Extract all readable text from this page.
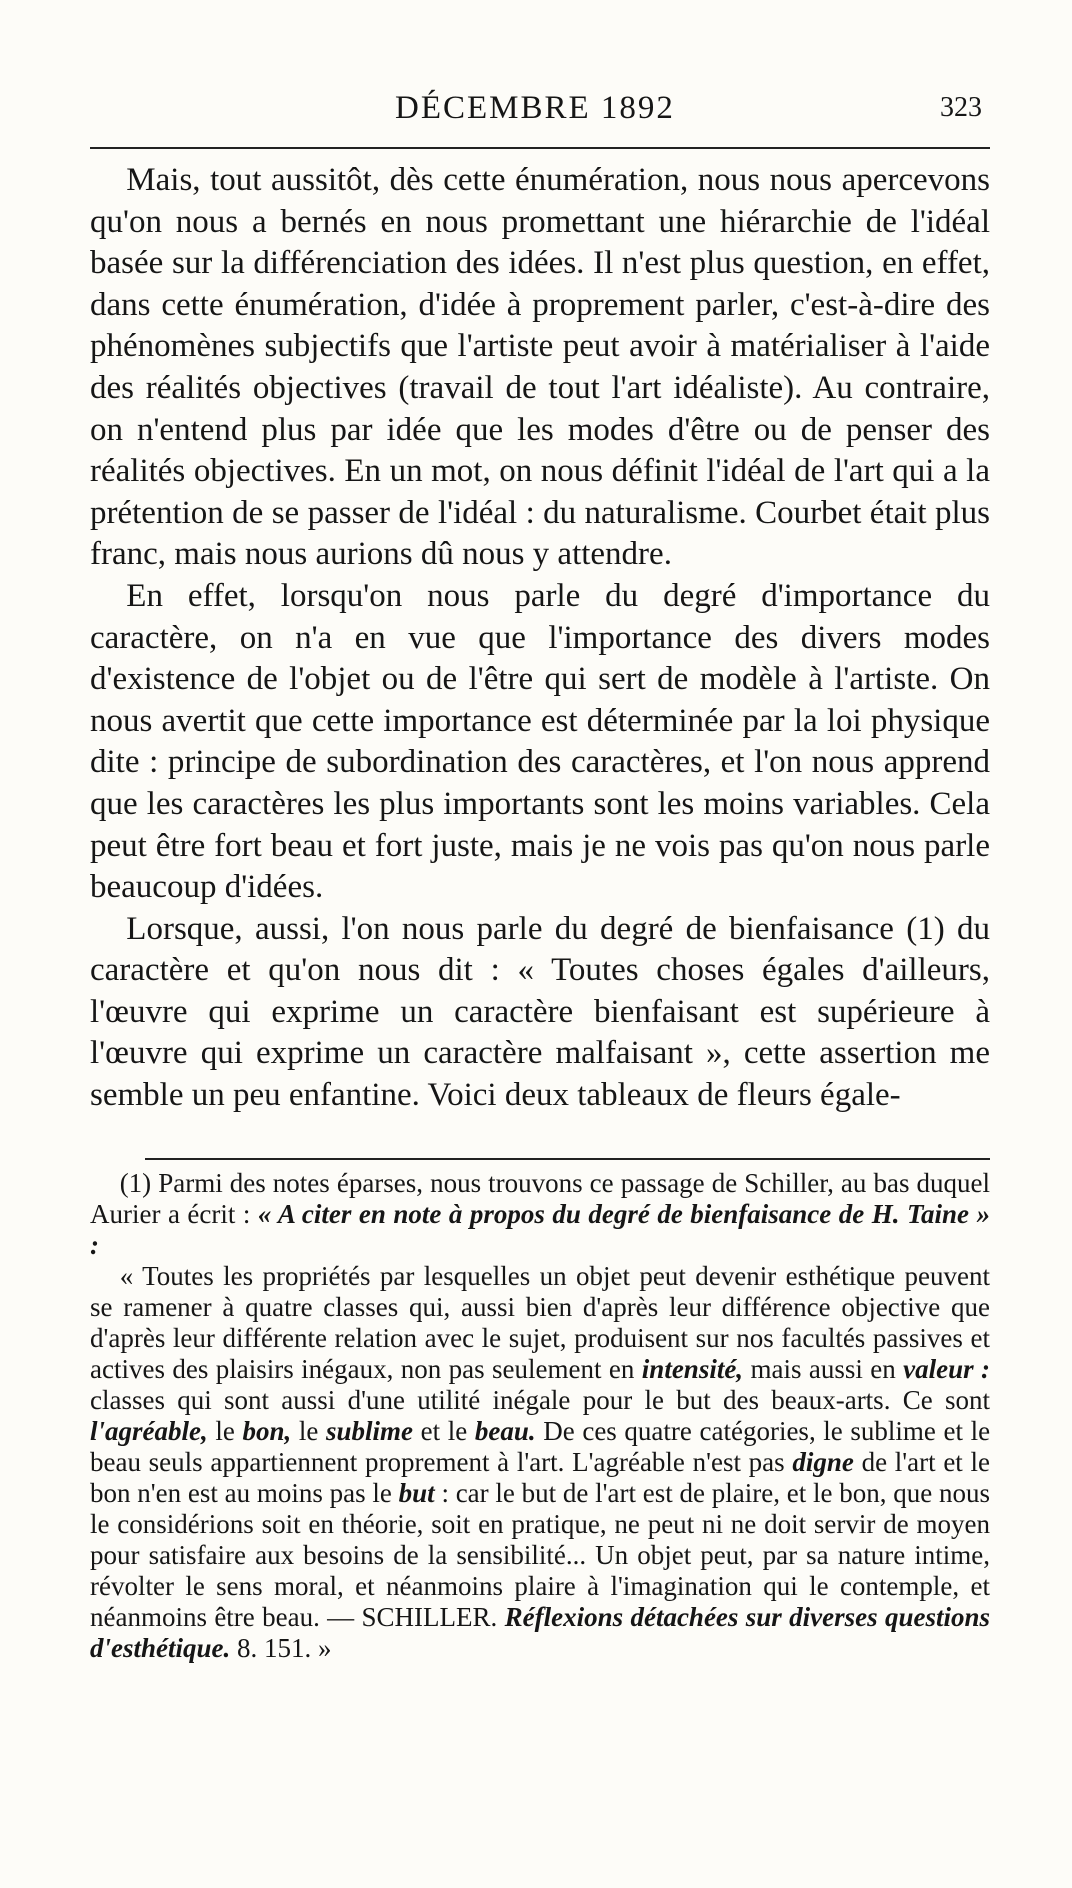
DÉCEMBRE 1892	323

Mais, tout aussitôt, dès cette énumération, nous nous apercevons qu'on nous a bernés en nous promettant une hiérarchie de l'idéal basée sur la différenciation des idées. Il n'est plus question, en effet, dans cette énumération, d'idée à proprement parler, c'est-à-dire des phénomènes subjectifs que l'artiste peut avoir à matérialiser à l'aide des réalités objectives (travail de tout l'art idéaliste). Au contraire, on n'entend plus par idée que les modes d'être ou de penser des réalités objectives. En un mot, on nous définit l'idéal de l'art qui a la prétention de se passer de l'idéal : du naturalisme. Courbet était plus franc, mais nous aurions dû nous y attendre.

En effet, lorsqu'on nous parle du degré d'importance du caractère, on n'a en vue que l'importance des divers modes d'existence de l'objet ou de l'être qui sert de modèle à l'artiste. On nous avertit que cette importance est déterminée par la loi physique dite : principe de subordination des caractères, et l'on nous apprend que les caractères les plus importants sont les moins variables. Cela peut être fort beau et fort juste, mais je ne vois pas qu'on nous parle beaucoup d'idées.

Lorsque, aussi, l'on nous parle du degré de bienfaisance (1) du caractère et qu'on nous dit : « Toutes choses égales d'ailleurs, l'œuvre qui exprime un caractère bienfaisant est supérieure à l'œuvre qui exprime un caractère malfaisant », cette assertion me semble un peu enfantine. Voici deux tableaux de fleurs égale-

(1) Parmi des notes éparses, nous trouvons ce passage de Schiller, au bas duquel Aurier a écrit : « A citer en note à propos du degré de bienfaisance de H. Taine » :

« Toutes les propriétés par lesquelles un objet peut devenir esthétique peuvent se ramener à quatre classes qui, aussi bien d'après leur différence objective que d'après leur différente relation avec le sujet, produisent sur nos facultés passives et actives des plaisirs inégaux, non pas seulement en intensité, mais aussi en valeur : classes qui sont aussi d'une utilité inégale pour le but des beaux-arts. Ce sont l'agréable, le bon, le sublime et le beau. De ces quatre catégories, le sublime et le beau seuls appartiennent proprement à l'art. L'agréable n'est pas digne de l'art et le bon n'en est au moins pas le but : car le but de l'art est de plaire, et le bon, que nous le considérions soit en théorie, soit en pratique, ne peut ni ne doit servir de moyen pour satisfaire aux besoins de la sensibilité... Un objet peut, par sa nature intime, révolter le sens moral, et néanmoins plaire à l'imagination qui le contemple, et néanmoins être beau. — SCHILLER. Réflexions détachées sur diverses questions d'esthétique. 8. 151. »
